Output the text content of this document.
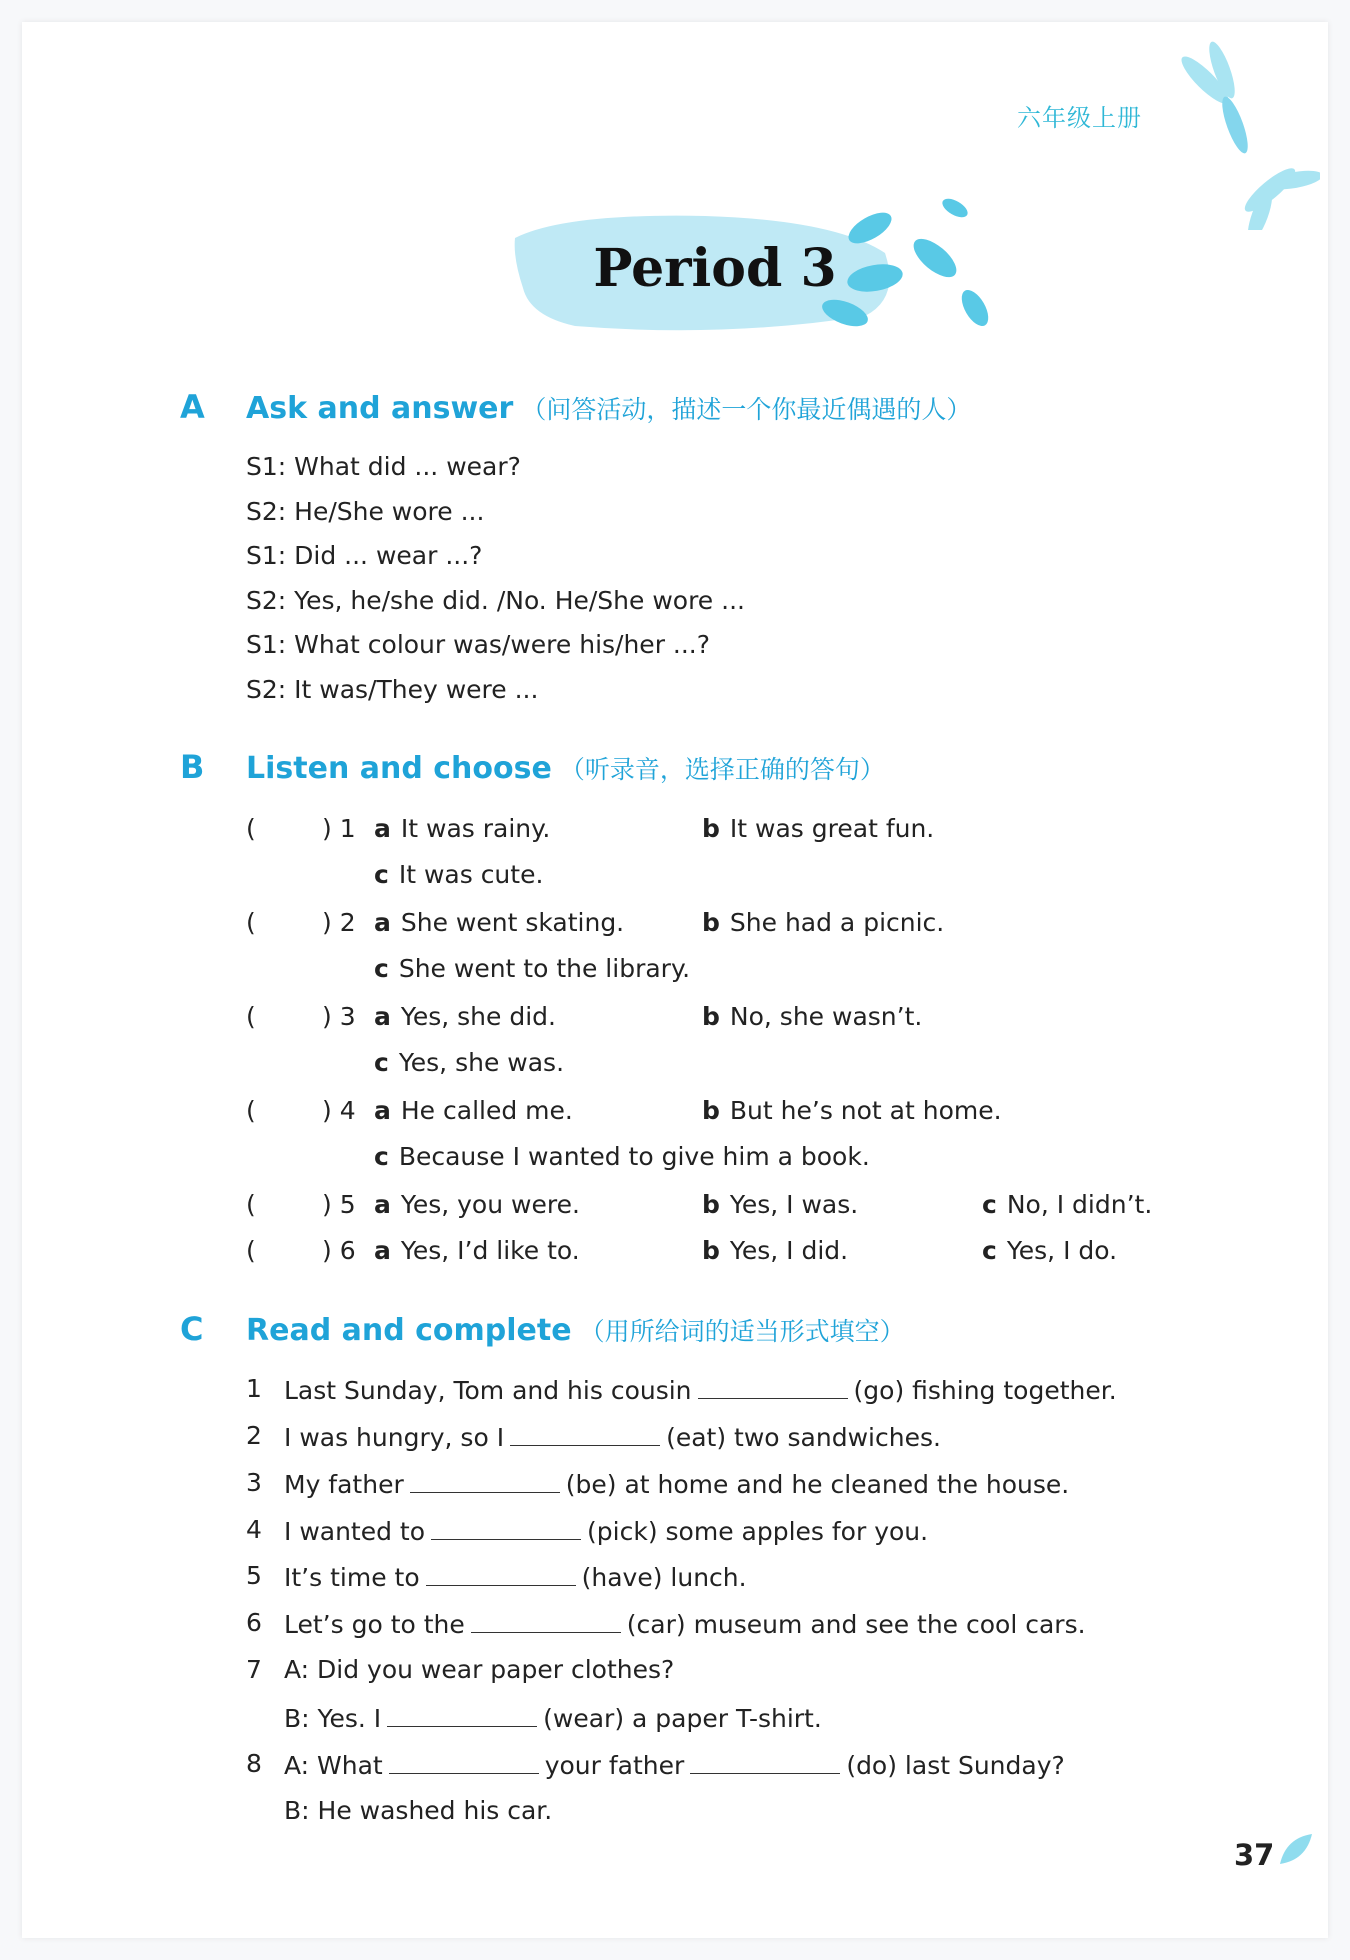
六年级上册
Period 3
A Ask and answer （问答活动，描述一个你最近偶遇的人）
S1: What did ... wear?
S2: He/She wore ...
S1: Did ... wear ...?
S2: Yes, he/she did. /No. He/She wore ...
S1: What colour was/were his/her ...?
S2: It was/They were ...
B Listen and choose （听录音，选择正确的答句）
(	) 1 a It was rainy.	b It was great fun.
c It was cute.
(	) 2 a She went skating.	b She had a picnic.
c She went to the library.
(	) 3 a Yes, she did.	b No, she wasn’t.
c Yes, she was.
(	) 4 a He called me.	b But he’s not at home.
c Because I wanted to give him a book.
(	) 5 a Yes, you were.	b Yes, I was.	c No, I didn’t.
(	) 6 a Yes, I’d like to.	b Yes, I did.	c Yes, I do.
C Read and complete （用所给词的适当形式填空）
1 Last Sunday, Tom and his cousin	(go) fishing together.
2 I was hungry, so I	(eat) two sandwiches.
3 My father	(be) at home and he cleaned the house.
4 I wanted to	(pick) some apples for you.
5 It’s time to	(have) lunch.
6 Let’s go to the	(car) museum and see the cool cars.
7 A: Did you wear paper clothes?
B: Yes. I	(wear) a paper T-shirt.
8 A: What	your father	(do) last Sunday?
B: He washed his car.
37
